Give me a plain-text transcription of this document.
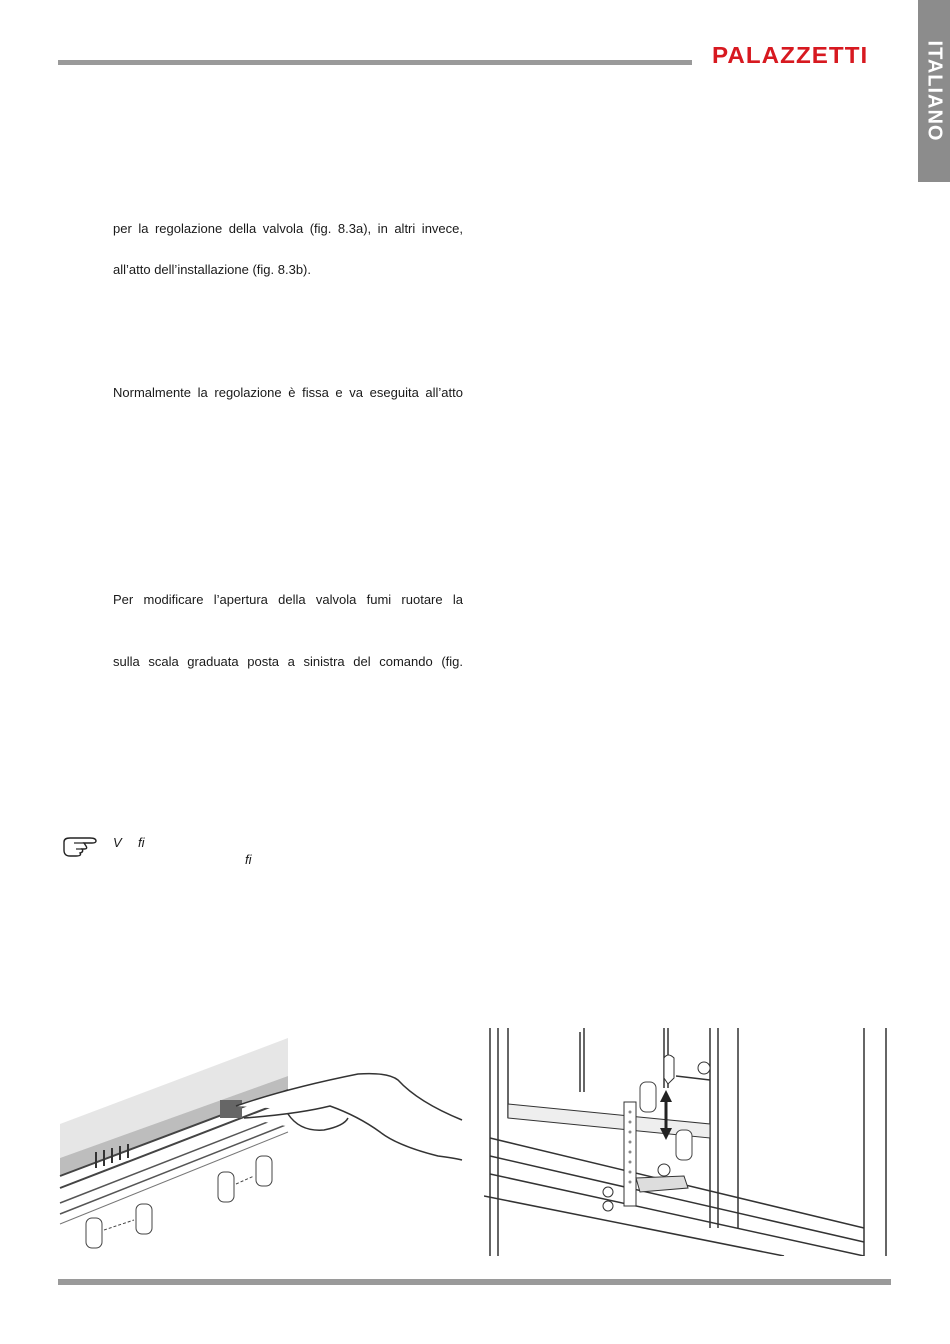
PALAZZETTI	ITALIANO
per la regolazione della valvola (fig. 8.3a), in altri invece,
all’atto dell’installazione (fig. 8.3b).
Normalmente la regolazione è fissa e va eseguita all’atto
Per modificare l’apertura della valvola fumi ruotare la
sulla scala graduata posta a sinistra del comando (fig.
V fi
fi
